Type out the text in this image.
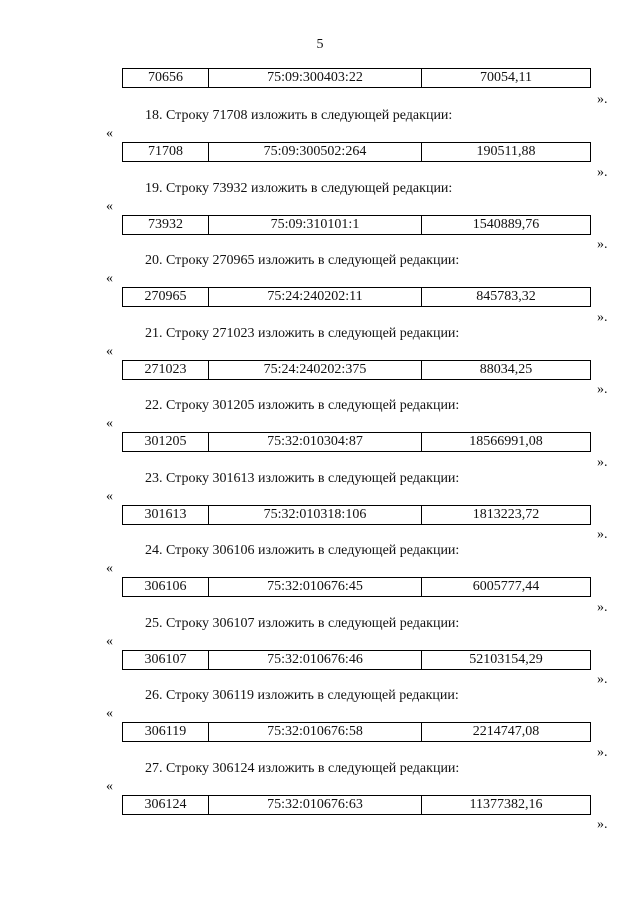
5
70656	75:09:300403:22	70054,11
».
18. Строку 71708 изложить в следующей редакции:
«
71708	75:09:300502:264	190511,88
».
19. Строку 73932 изложить в следующей редакции:
«
73932	75:09:310101:1	1540889,76
».
20. Строку 270965 изложить в следующей редакции:
«
270965	75:24:240202:11	845783,32
».
21. Строку 271023 изложить в следующей редакции:
«
271023	75:24:240202:375	88034,25
».
22. Строку 301205 изложить в следующей редакции:
«
301205	75:32:010304:87	18566991,08
».
23. Строку 301613 изложить в следующей редакции:
«
301613	75:32:010318:106	1813223,72
».
24. Строку 306106 изложить в следующей редакции:
«
306106	75:32:010676:45	6005777,44
».
25. Строку 306107 изложить в следующей редакции:
«
306107	75:32:010676:46	52103154,29
».
26. Строку 306119 изложить в следующей редакции:
«
306119	75:32:010676:58	2214747,08
».
27. Строку 306124 изложить в следующей редакции:
«
306124	75:32:010676:63	11377382,16
».
